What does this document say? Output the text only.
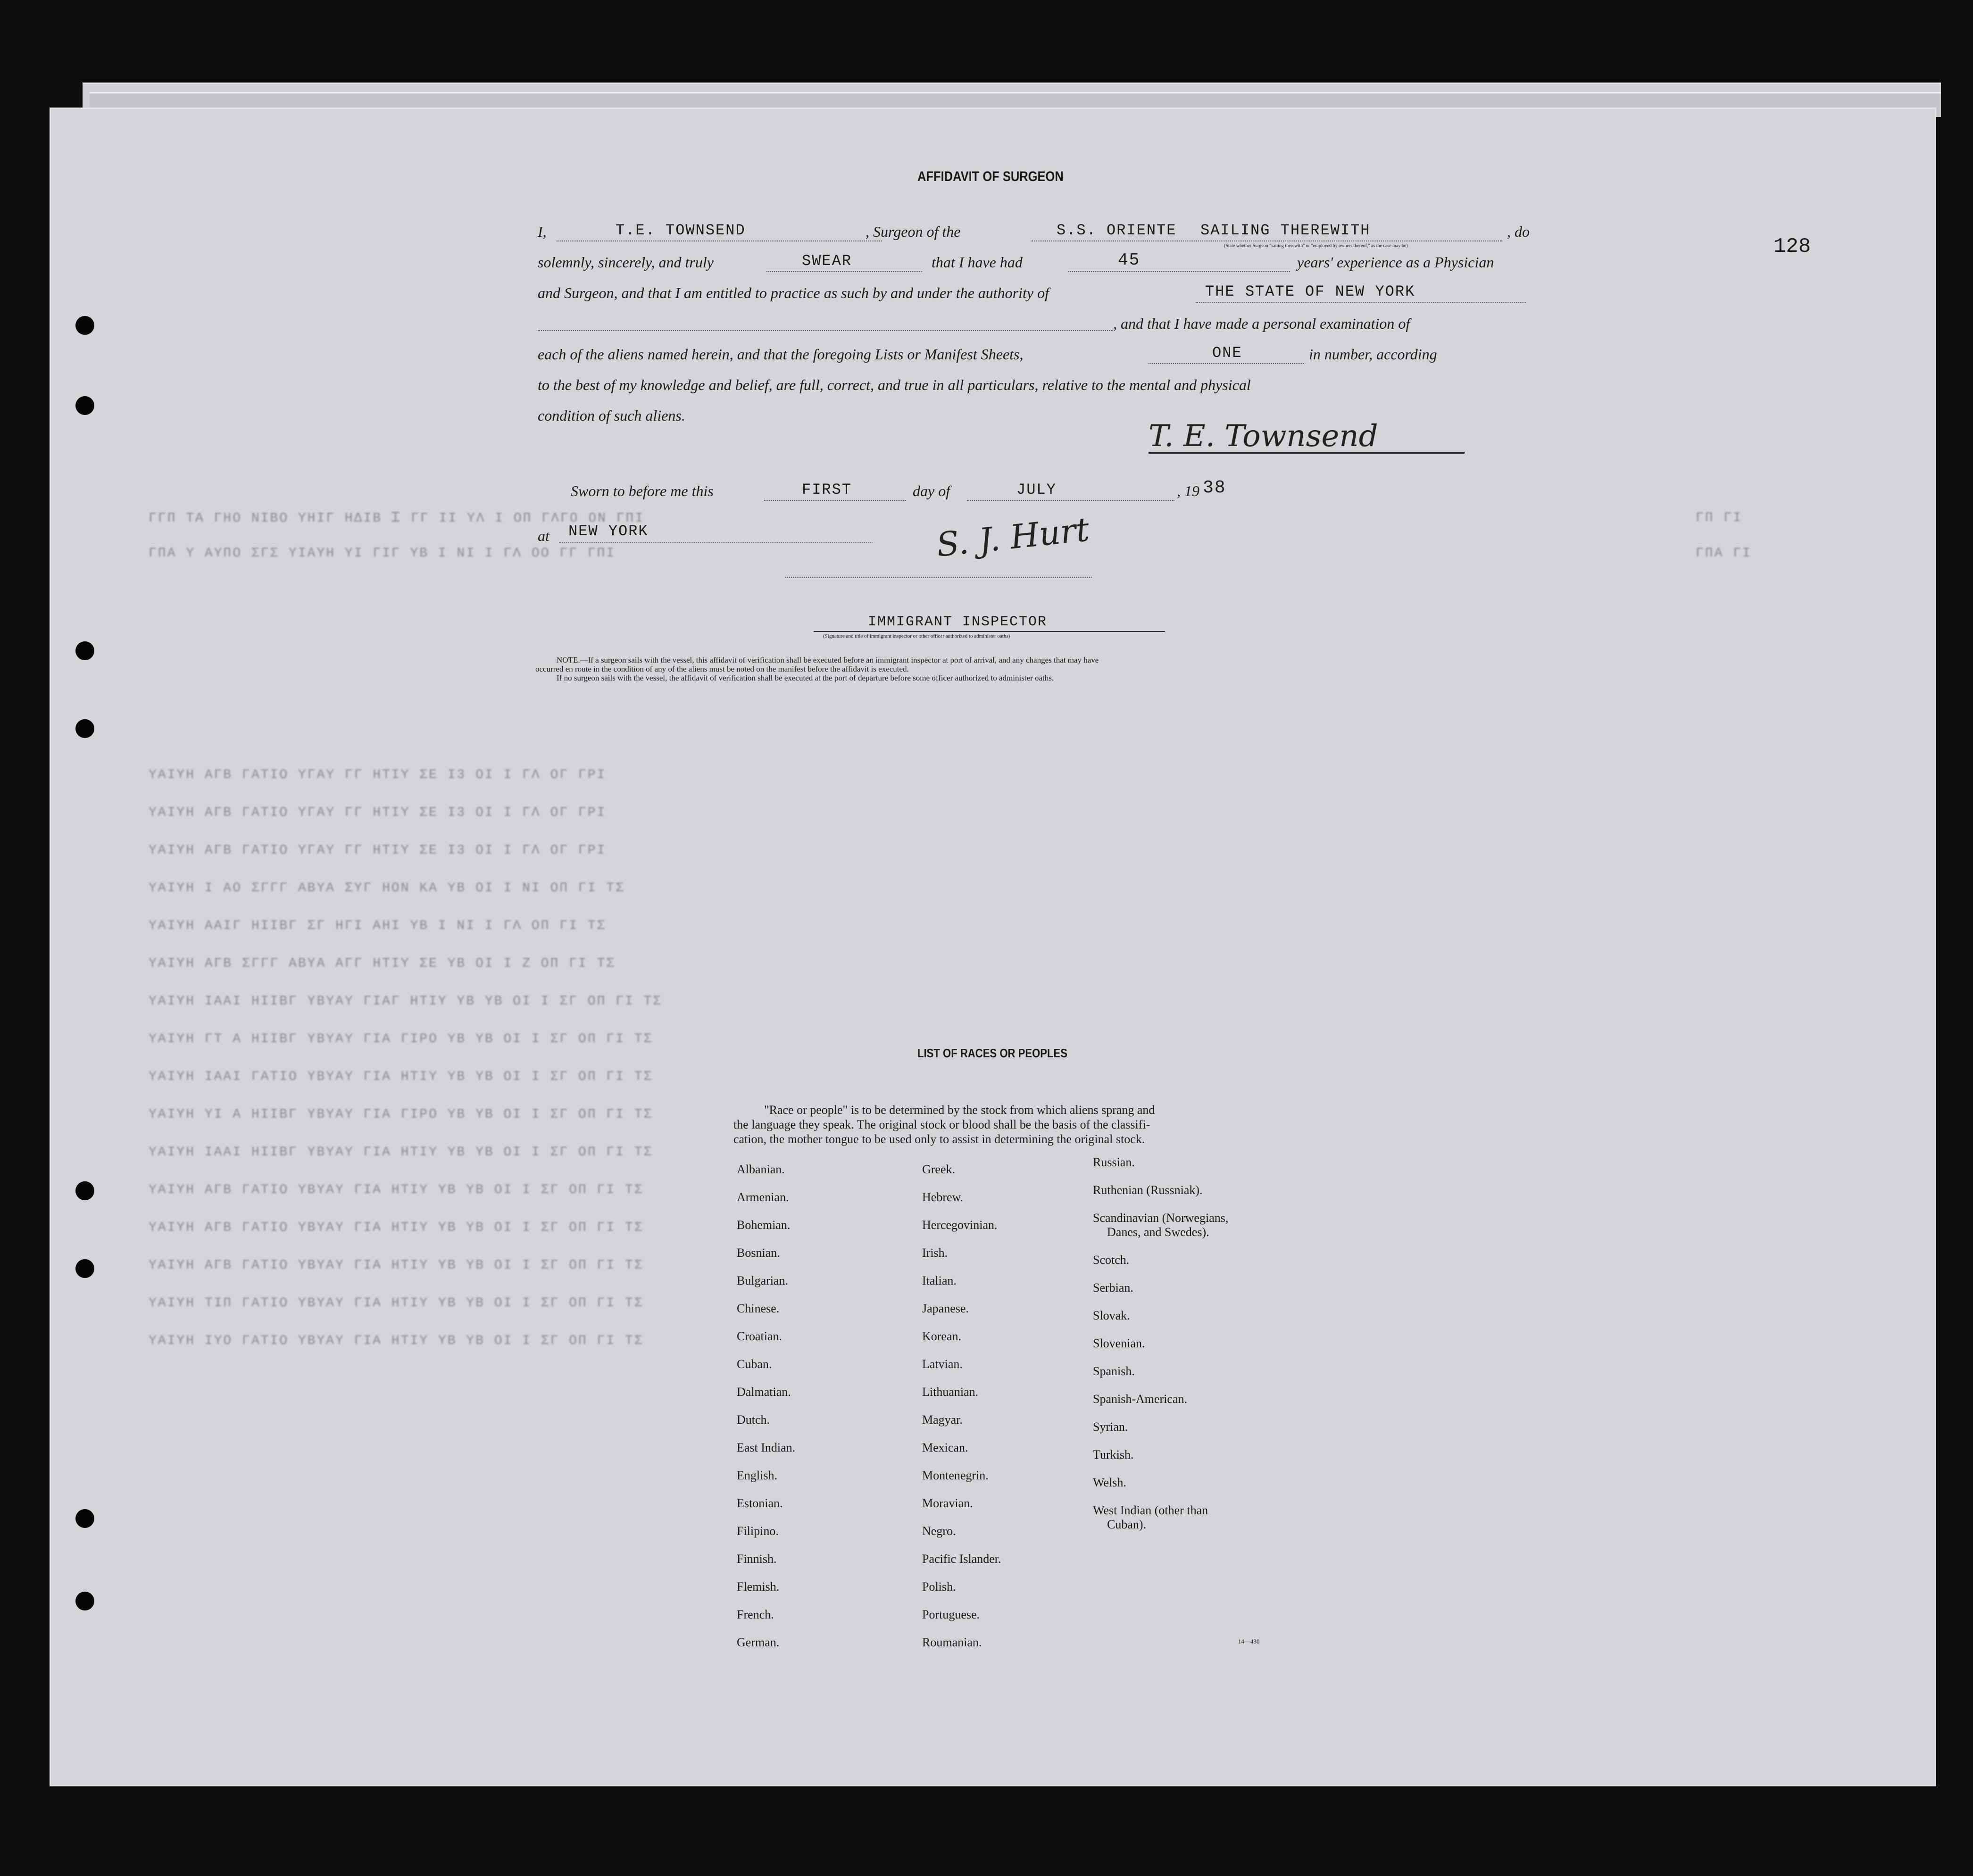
128
ΓΓΠ ΤΑ ΓΗΟ ΝΙΒΟ ΥΗΙΓ ΗΔΙΒ Ꮖ ΓΓ ΙΙ ΥΛ Ι ΟΠ ΓΛΓΟ ΟΝ ΓΠΙ
ΓΠΑ Υ ΑΥΠΟ ΣΓΣ ΥΙΑΥΗ ΥΙ ΓΙΓ ΥΒ Ι ΝΙ Ι ΓΛ ΟΟ ΓΓ ΓΠΙ
ΓΠ ΓΙ
ΓΠΑ ΓΙ
ΥΑΙΥΗ ΑΓΒ ΓΑΤΙΟ ΥΓΑΥ ΓΓ ΗΤΙΥ ΣΕ Ι3 ΟΙ Ι ΓΛ ΟΓ ΓΡΙ
ΥΑΙΥΗ ΑΓΒ ΓΑΤΙΟ ΥΓΑΥ ΓΓ ΗΤΙΥ ΣΕ Ι3 ΟΙ Ι ΓΛ ΟΓ ΓΡΙ
ΥΑΙΥΗ ΑΓΒ ΓΑΤΙΟ ΥΓΑΥ ΓΓ ΗΤΙΥ ΣΕ Ι3 ΟΙ Ι ΓΛ ΟΓ ΓΡΙ
ΥΑΙΥΗ Ι ΑΟ ΣΓΓΓ ΑΒΥΑ ΣΥΓ ΗΟΝ ΚΑ ΥΒ ΟΙ Ι ΝΙ ΟΠ ΓΙ ΤΣ
ΥΑΙΥΗ ΑΑΙΓ ΗΙΙΒΓ ΣΓ ΗΓΙ ΑΗΙ ΥΒ Ι ΝΙ Ι ΓΛ ΟΠ ΓΙ ΤΣ
ΥΑΙΥΗ ΑΓΒ ΣΓΓΓ ΑΒΥΑ ΑΓΓ ΗΤΙΥ ΣΕ ΥΒ ΟΙ Ι Ζ ΟΠ ΓΙ ΤΣ
ΥΑΙΥΗ ΙΑΑΙ ΗΙΙΒΓ ΥΒΥΑΥ ΓΙΑΓ ΗΤΙΥ ΥΒ ΥΒ ΟΙ Ι ΣΓ ΟΠ ΓΙ ΤΣ
ΥΑΙΥΗ ΓΤ Α ΗΙΙΒΓ ΥΒΥΑΥ ΓΙΑ ΓΙΡΟ ΥΒ ΥΒ ΟΙ Ι ΣΓ ΟΠ ΓΙ ΤΣ
ΥΑΙΥΗ ΙΑΑΙ ΓΑΤΙΟ ΥΒΥΑΥ ΓΙΑ ΗΤΙΥ ΥΒ ΥΒ ΟΙ Ι ΣΓ ΟΠ ΓΙ ΤΣ
ΥΑΙΥΗ ΥΙ Α ΗΙΙΒΓ ΥΒΥΑΥ ΓΙΑ ΓΙΡΟ ΥΒ ΥΒ ΟΙ Ι ΣΓ ΟΠ ΓΙ ΤΣ
ΥΑΙΥΗ ΙΑΑΙ ΗΙΙΒΓ ΥΒΥΑΥ ΓΙΑ ΗΤΙΥ ΥΒ ΥΒ ΟΙ Ι ΣΓ ΟΠ ΓΙ ΤΣ
ΥΑΙΥΗ ΑΓΒ ΓΑΤΙΟ ΥΒΥΑΥ ΓΙΑ ΗΤΙΥ ΥΒ ΥΒ ΟΙ Ι ΣΓ ΟΠ ΓΙ ΤΣ
ΥΑΙΥΗ ΑΓΒ ΓΑΤΙΟ ΥΒΥΑΥ ΓΙΑ ΗΤΙΥ ΥΒ ΥΒ ΟΙ Ι ΣΓ ΟΠ ΓΙ ΤΣ
ΥΑΙΥΗ ΑΓΒ ΓΑΤΙΟ ΥΒΥΑΥ ΓΙΑ ΗΤΙΥ ΥΒ ΥΒ ΟΙ Ι ΣΓ ΟΠ ΓΙ ΤΣ
ΥΑΙΥΗ ΤΙΠ ΓΑΤΙΟ ΥΒΥΑΥ ΓΙΑ ΗΤΙΥ ΥΒ ΥΒ ΟΙ Ι ΣΓ ΟΠ ΓΙ ΤΣ
ΥΑΙΥΗ ΙΥΟ ΓΑΤΙΟ ΥΒΥΑΥ ΓΙΑ ΗΤΙΥ ΥΒ ΥΒ ΟΙ Ι ΣΓ ΟΠ ΓΙ ΤΣ
AFFIDAVIT OF SURGEON
I,	T.E. TOWNSEND	, Surgeon of the	S.S. ORIENTE SAILING THEREWITH	, do
(State whether Surgeon "sailing therewith" or "employed by owners thereof," as the case may be)
solemnly, sincerely, and truly	SWEAR	that I have had	45	years' experience as a Physician
and Surgeon, and that I am entitled to practice as such by and under the authority of	THE STATE OF NEW YORK
, and that I have made a personal examination of
each of the aliens named herein, and that the foregoing Lists or Manifest Sheets,	ONE	in number, according
to the best of my knowledge and belief, are full, correct, and true in all particulars, relative to the mental and physical
condition of such aliens.
T. E. Townsend
Sworn to before me this	FIRST	day of	JULY	, 19 38
at NEW YORK	S. J. Hurt
IMMIGRANT INSPECTOR
(Signature and title of immigrant inspector or other officer authorized to administer oaths)
NOTE.—If a surgeon sails with the vessel, this affidavit of verification shall be executed before an immigrant inspector at port of arrival, and any changes that may have
occurred en route in the condition of any of the aliens must be noted on the manifest before the affidavit is executed.
If no surgeon sails with the vessel, the affidavit of verification shall be executed at the port of departure before some officer authorized to administer oaths.
LIST OF RACES OR PEOPLES
"Race or people" is to be determined by the stock from which aliens sprang and
the language they speak. The original stock or blood shall be the basis of the classifi-
cation, the mother tongue to be used only to assist in determining the original stock.
Albanian.
Armenian.
Bohemian.
Bosnian.
Bulgarian.
Chinese.
Croatian.
Cuban.
Dalmatian.
Dutch.
East Indian.
English.
Estonian.
Filipino.
Finnish.
Flemish.
French.
German.
Greek.
Hebrew.
Hercegovinian.
Irish.
Italian.
Japanese.
Korean.
Latvian.
Lithuanian.
Magyar.
Mexican.
Montenegrin.
Moravian.
Negro.
Pacific Islander.
Polish.
Portuguese.
Roumanian.
Russian.
Ruthenian (Russniak).
Scandinavian (Norwegians,
Danes, and Swedes).
Scotch.
Serbian.
Slovak.
Slovenian.
Spanish.
Spanish-American.
Syrian.
Turkish.
Welsh.
West Indian (other than
Cuban).
14—430
